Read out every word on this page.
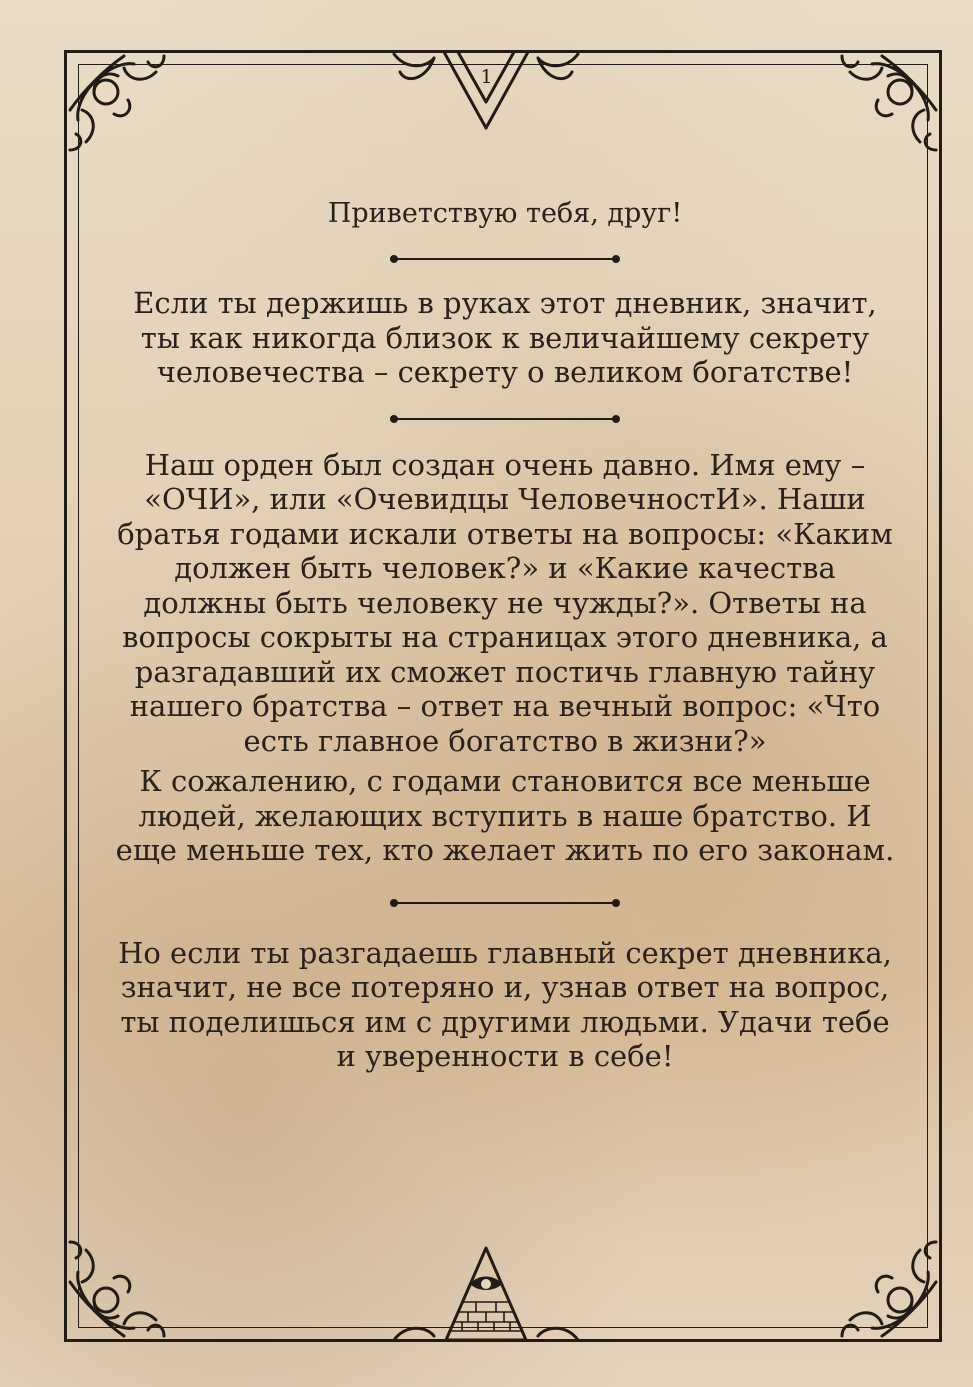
1

Приветствую тебя, друг!

Если ты держишь в руках этот дневник, значит, ты как никогда близок к величайшему секрету человечества – секрету о великом богатстве!

Наш орден был создан очень давно. Имя ему – «ОЧИ», или «Очевидцы ЧеловечностИ». Наши братья годами искали ответы на вопросы: «Каким должен быть человек?» и «Какие качества должны быть человеку не чужды?». Ответы на вопросы сокрыты на страницах этого дневника, а разгадавший их сможет постичь главную тайну нашего братства – ответ на вечный вопрос: «Что есть главное богатство в жизни?»

К сожалению, с годами становится все меньше людей, желающих вступить в наше братство. И еще меньше тех, кто желает жить по его законам.

Но если ты разгадаешь главный секрет дневника, значит, не все потеряно и, узнав ответ на вопрос, ты поделишься им с другими людьми. Удачи тебе и уверенности в себе!
